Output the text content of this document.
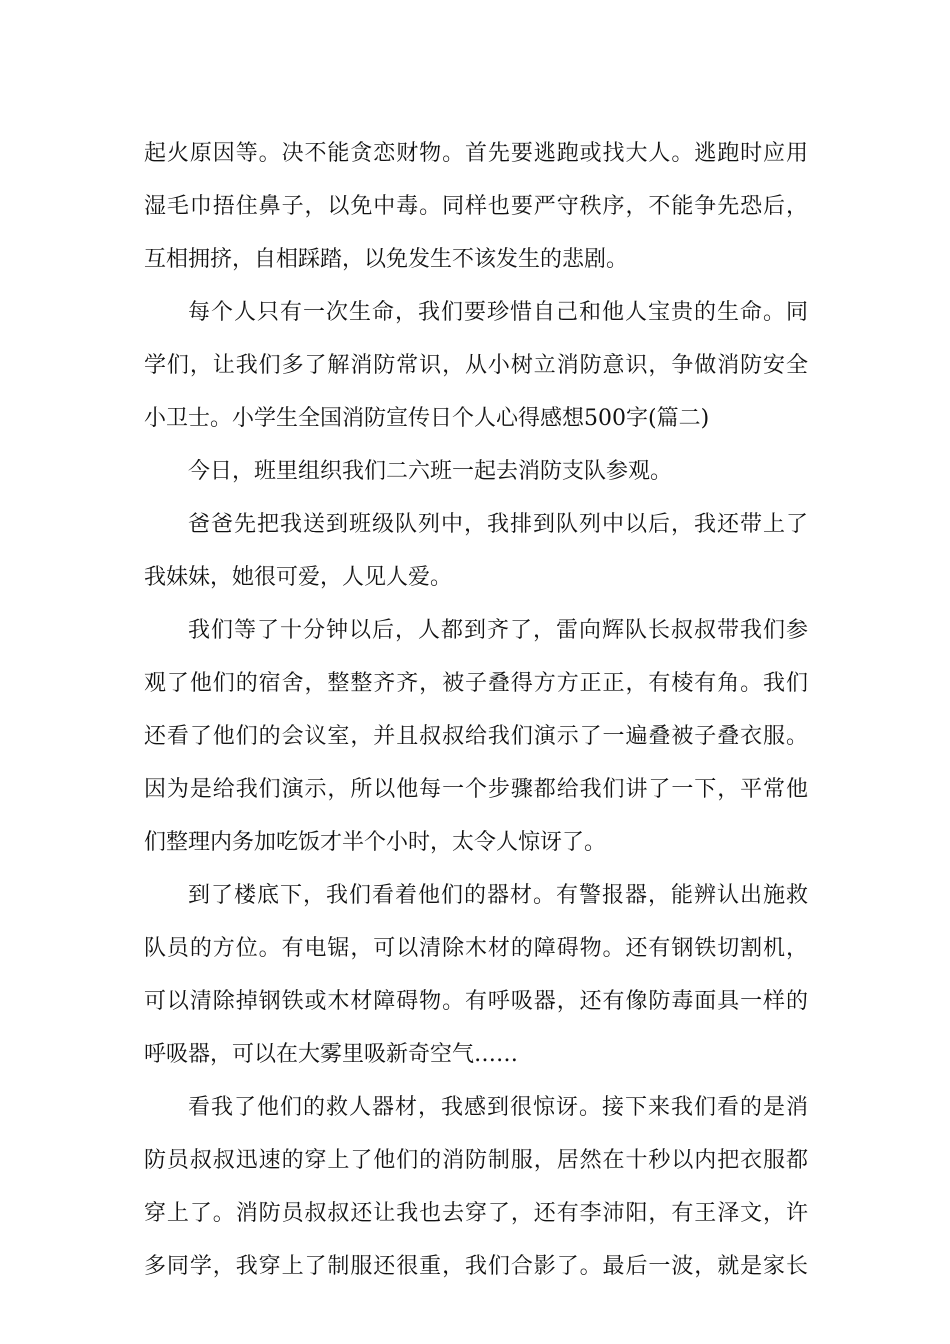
起火原因等。决不能贪恋财物。首先要逃跑或找大人。逃跑时应用
湿毛巾捂住鼻子，以免中毒。同样也要严守秩序，不能争先恐后，
互相拥挤，自相踩踏，以免发生不该发生的悲剧。
每个人只有一次生命，我们要珍惜自己和他人宝贵的生命。同
学们，让我们多了解消防常识，从小树立消防意识，争做消防安全
小卫士。小学生全国消防宣传日个人心得感想500字(篇二)
今日，班里组织我们二六班一起去消防支队参观。
爸爸先把我送到班级队列中，我排到队列中以后，我还带上了
我妹妹，她很可爱，人见人爱。
我们等了十分钟以后，人都到齐了，雷向辉队长叔叔带我们参
观了他们的宿舍，整整齐齐，被子叠得方方正正，有棱有角。我们
还看了他们的会议室，并且叔叔给我们演示了一遍叠被子叠衣服。
因为是给我们演示，所以他每一个步骤都给我们讲了一下，平常他
们整理内务加吃饭才半个小时，太令人惊讶了。
到了楼底下，我们看着他们的器材。有警报器，能辨认出施救
队员的方位。有电锯，可以清除木材的障碍物。还有钢铁切割机，
可以清除掉钢铁或木材障碍物。有呼吸器，还有像防毒面具一样的
呼吸器，可以在大雾里吸新奇空气……
看我了他们的救人器材，我感到很惊讶。接下来我们看的是消
防员叔叔迅速的穿上了他们的消防制服，居然在十秒以内把衣服都
穿上了。消防员叔叔还让我也去穿了，还有李沛阳，有王泽文，许
多同学，我穿上了制服还很重，我们合影了。最后一波，就是家长
